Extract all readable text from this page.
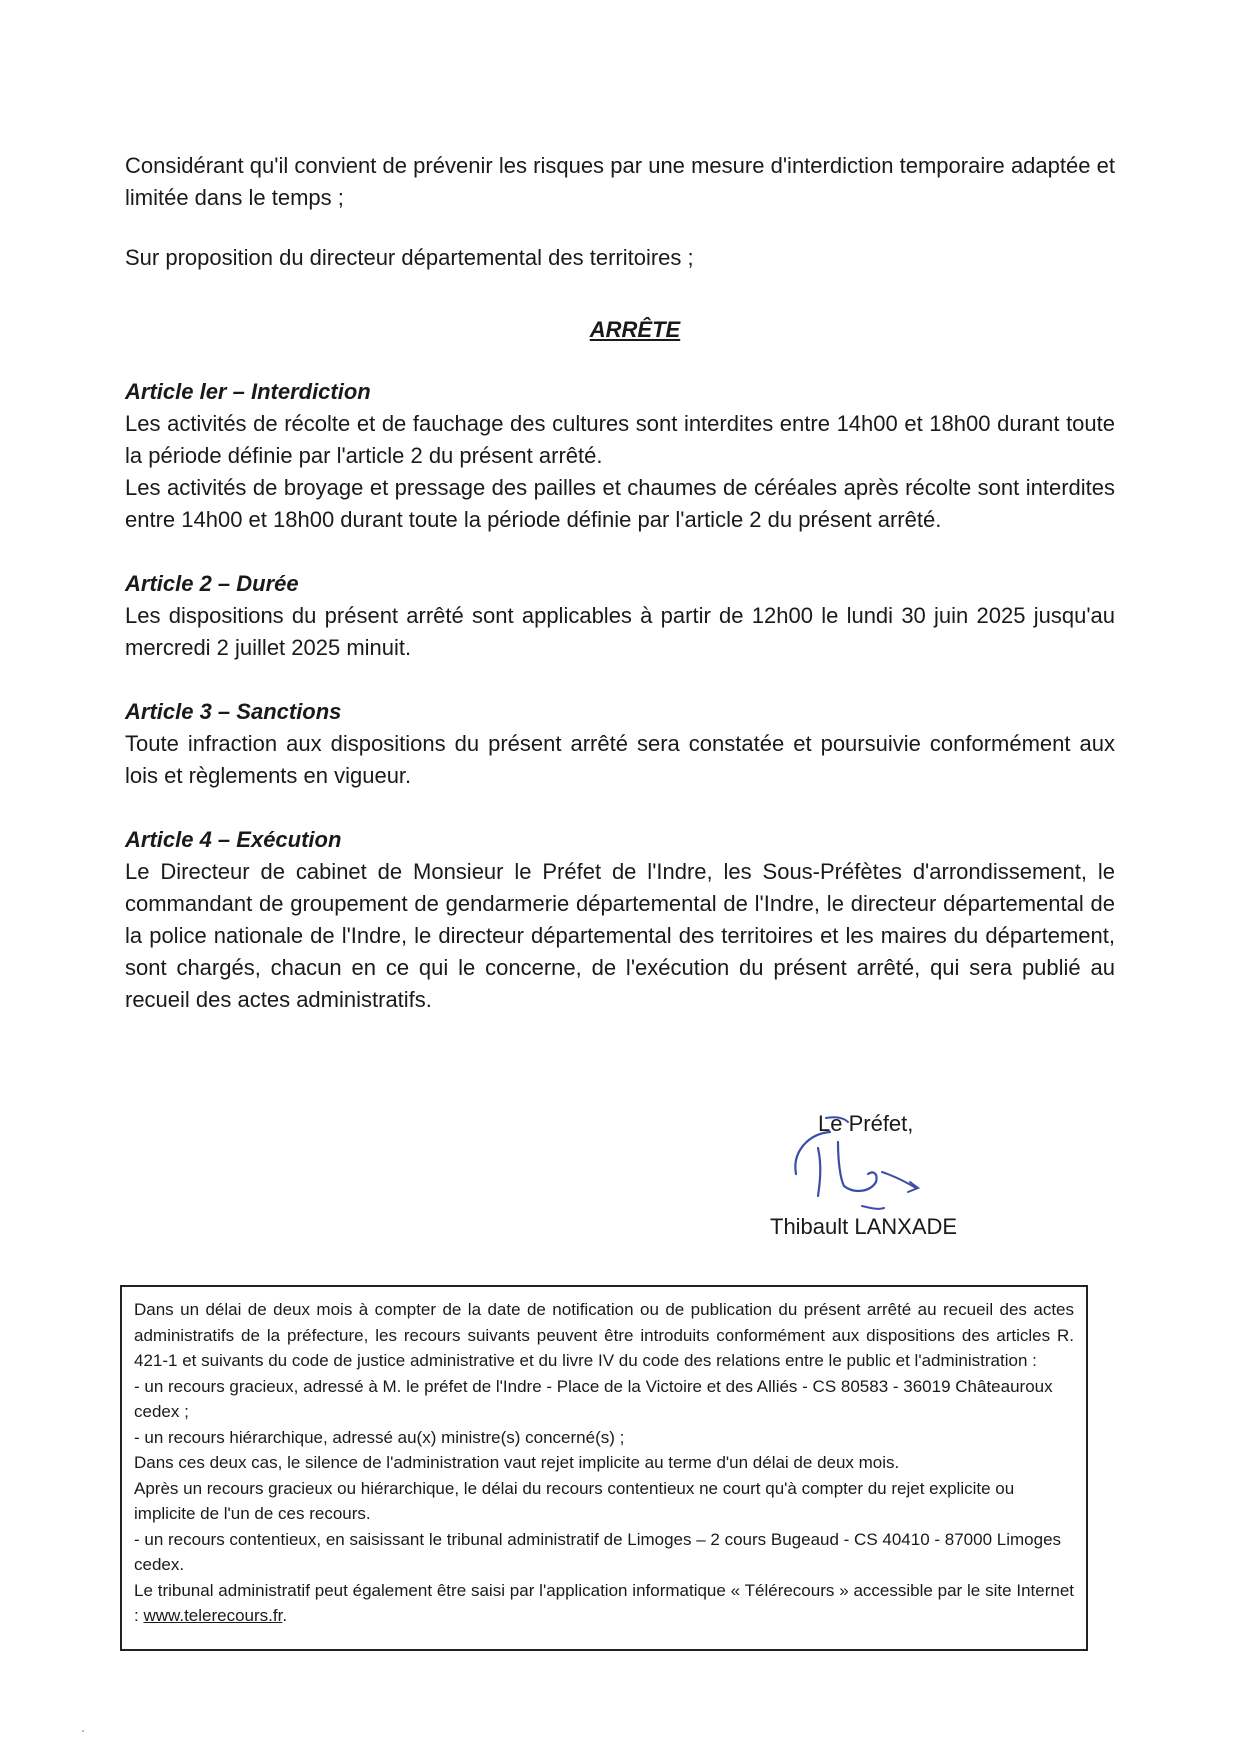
Considérant qu'il convient de prévenir les risques par une mesure d'interdiction temporaire adaptée et limitée dans le temps ;

Sur proposition du directeur départemental des territoires ;

ARRÊTE

Article ler – Interdiction

Les activités de récolte et de fauchage des cultures sont interdites entre 14h00 et 18h00 durant toute la période définie par l'article 2 du présent arrêté.

Les activités de broyage et pressage des pailles et chaumes de céréales après récolte sont interdites entre 14h00 et 18h00 durant toute la période définie par l'article 2 du présent arrêté.

Article 2 – Durée

Les dispositions du présent arrêté sont applicables à partir de 12h00 le lundi 30 juin 2025 jusqu'au mercredi 2 juillet 2025 minuit.

Article 3 – Sanctions

Toute infraction aux dispositions du présent arrêté sera constatée et poursuivie conformément aux lois et règlements en vigueur.

Article 4 – Exécution

Le Directeur de cabinet de Monsieur le Préfet de l'Indre, les Sous-Préfètes d'arrondissement, le commandant de groupement de gendarmerie départemental de l'Indre, le directeur départemental de la police nationale de l'Indre, le directeur départemental des territoires et les maires du département, sont chargés, chacun en ce qui le concerne, de l'exécution du présent arrêté, qui sera publié au recueil des actes administratifs.

Le Préfet,
Thibault LANXADE

Dans un délai de deux mois à compter de la date de notification ou de publication du présent arrêté au recueil des actes administratifs de la préfecture, les recours suivants peuvent être introduits conformément aux dispositions des articles R. 421-1 et suivants du code de justice administrative et du livre IV du code des relations entre le public et l'administration :

- un recours gracieux, adressé à M. le préfet de l'Indre - Place de la Victoire et des Alliés - CS 80583 - 36019 Châteauroux cedex ;

- un recours hiérarchique, adressé au(x) ministre(s) concerné(s) ;

Dans ces deux cas, le silence de l'administration vaut rejet implicite au terme d'un délai de deux mois.

Après un recours gracieux ou hiérarchique, le délai du recours contentieux ne court qu'à compter du rejet explicite ou implicite de l'un de ces recours.

- un recours contentieux, en saisissant le tribunal administratif de Limoges – 2 cours Bugeaud - CS 40410 - 87000 Limoges cedex.

Le tribunal administratif peut également être saisi par l'application informatique « Télérecours » accessible par le site Internet : www.telerecours.fr.
